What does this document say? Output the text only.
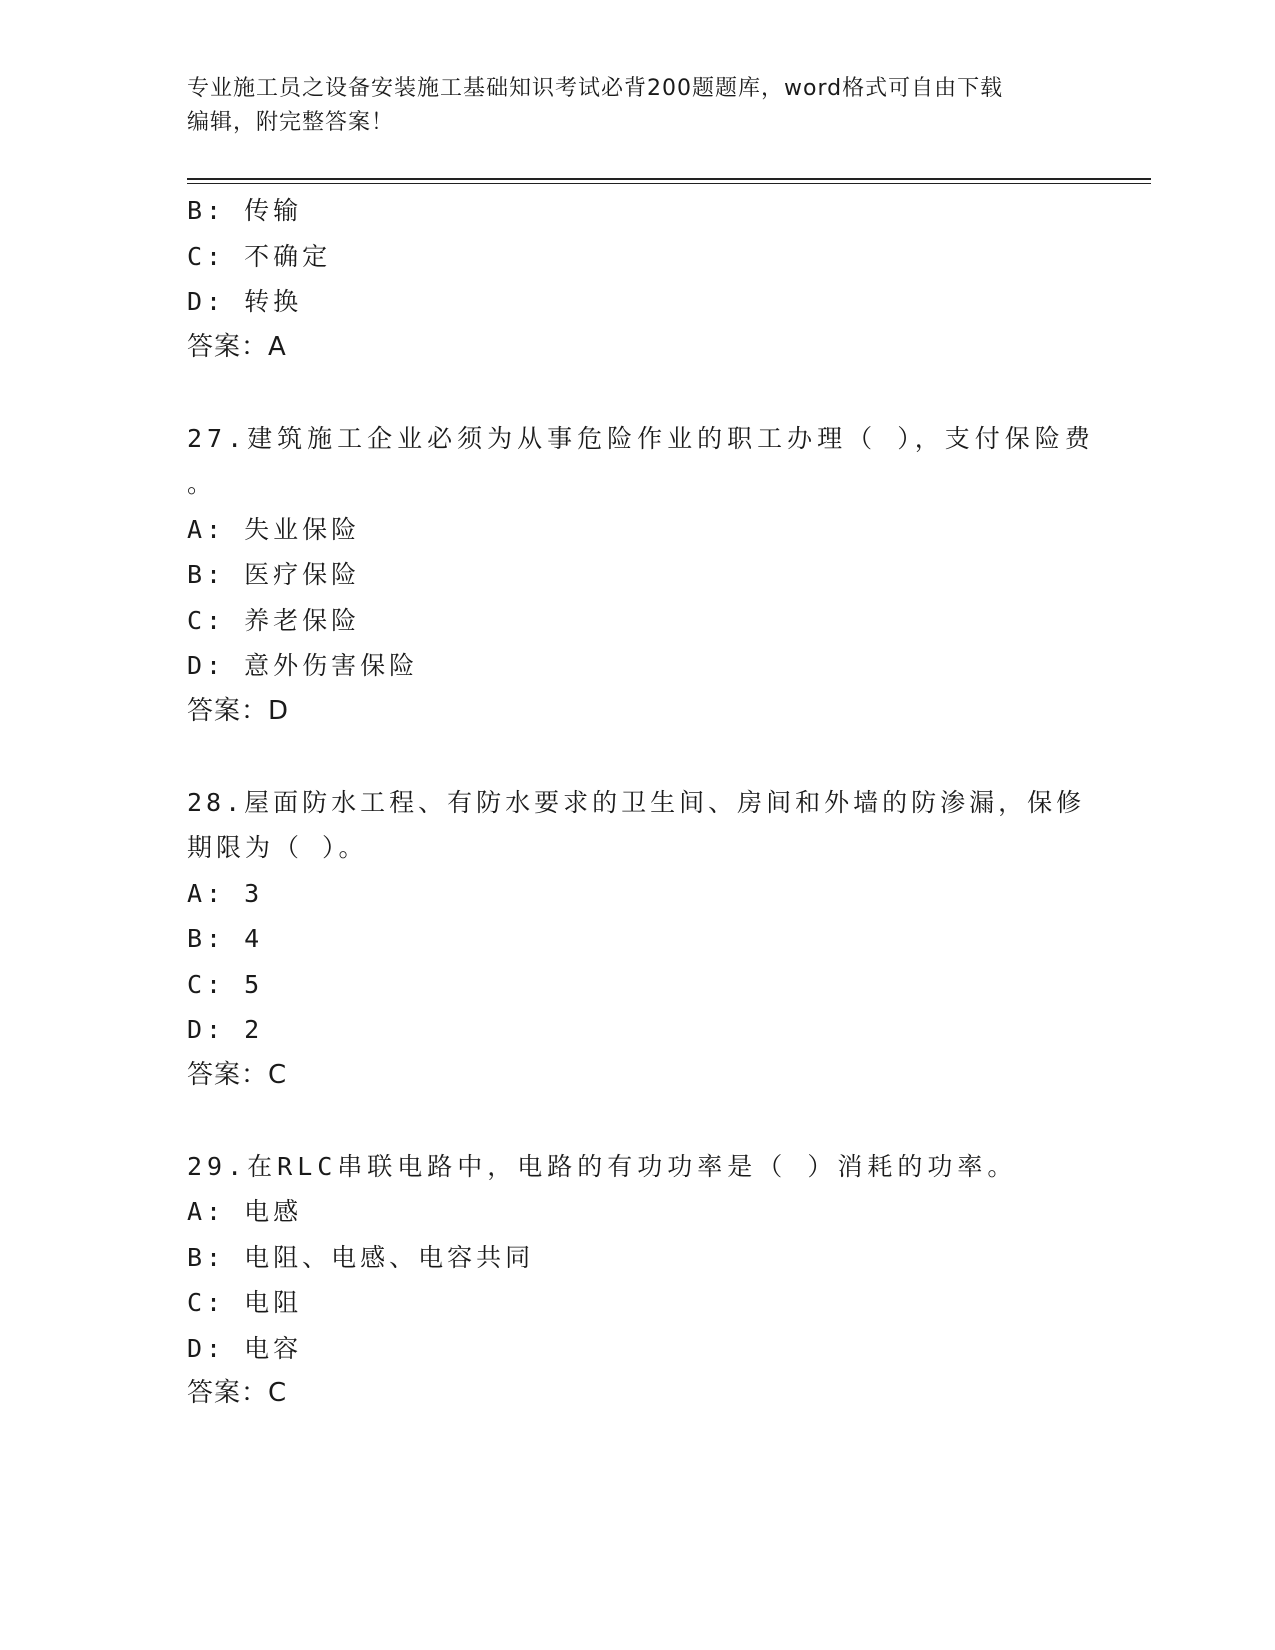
专业施工员之设备安装施工基础知识考试必背200题题库，word格式可自由下载
编辑，附完整答案！
B: 传输
C: 不确定
D: 转换
答案：A
27.建筑施工企业必须为从事危险作业的职工办理（ ），支付保险费
。
A: 失业保险
B: 医疗保险
C: 养老保险
D: 意外伤害保险
答案：D
28.屋面防水工程、有防水要求的卫生间、房间和外墙的防渗漏，保修
期限为（ ）。
A: 3
B: 4
C: 5
D: 2
答案：C
29.在RLC串联电路中，电路的有功功率是（ ）消耗的功率。
A: 电感
B: 电阻、电感、电容共同
C: 电阻
D: 电容
答案：C
